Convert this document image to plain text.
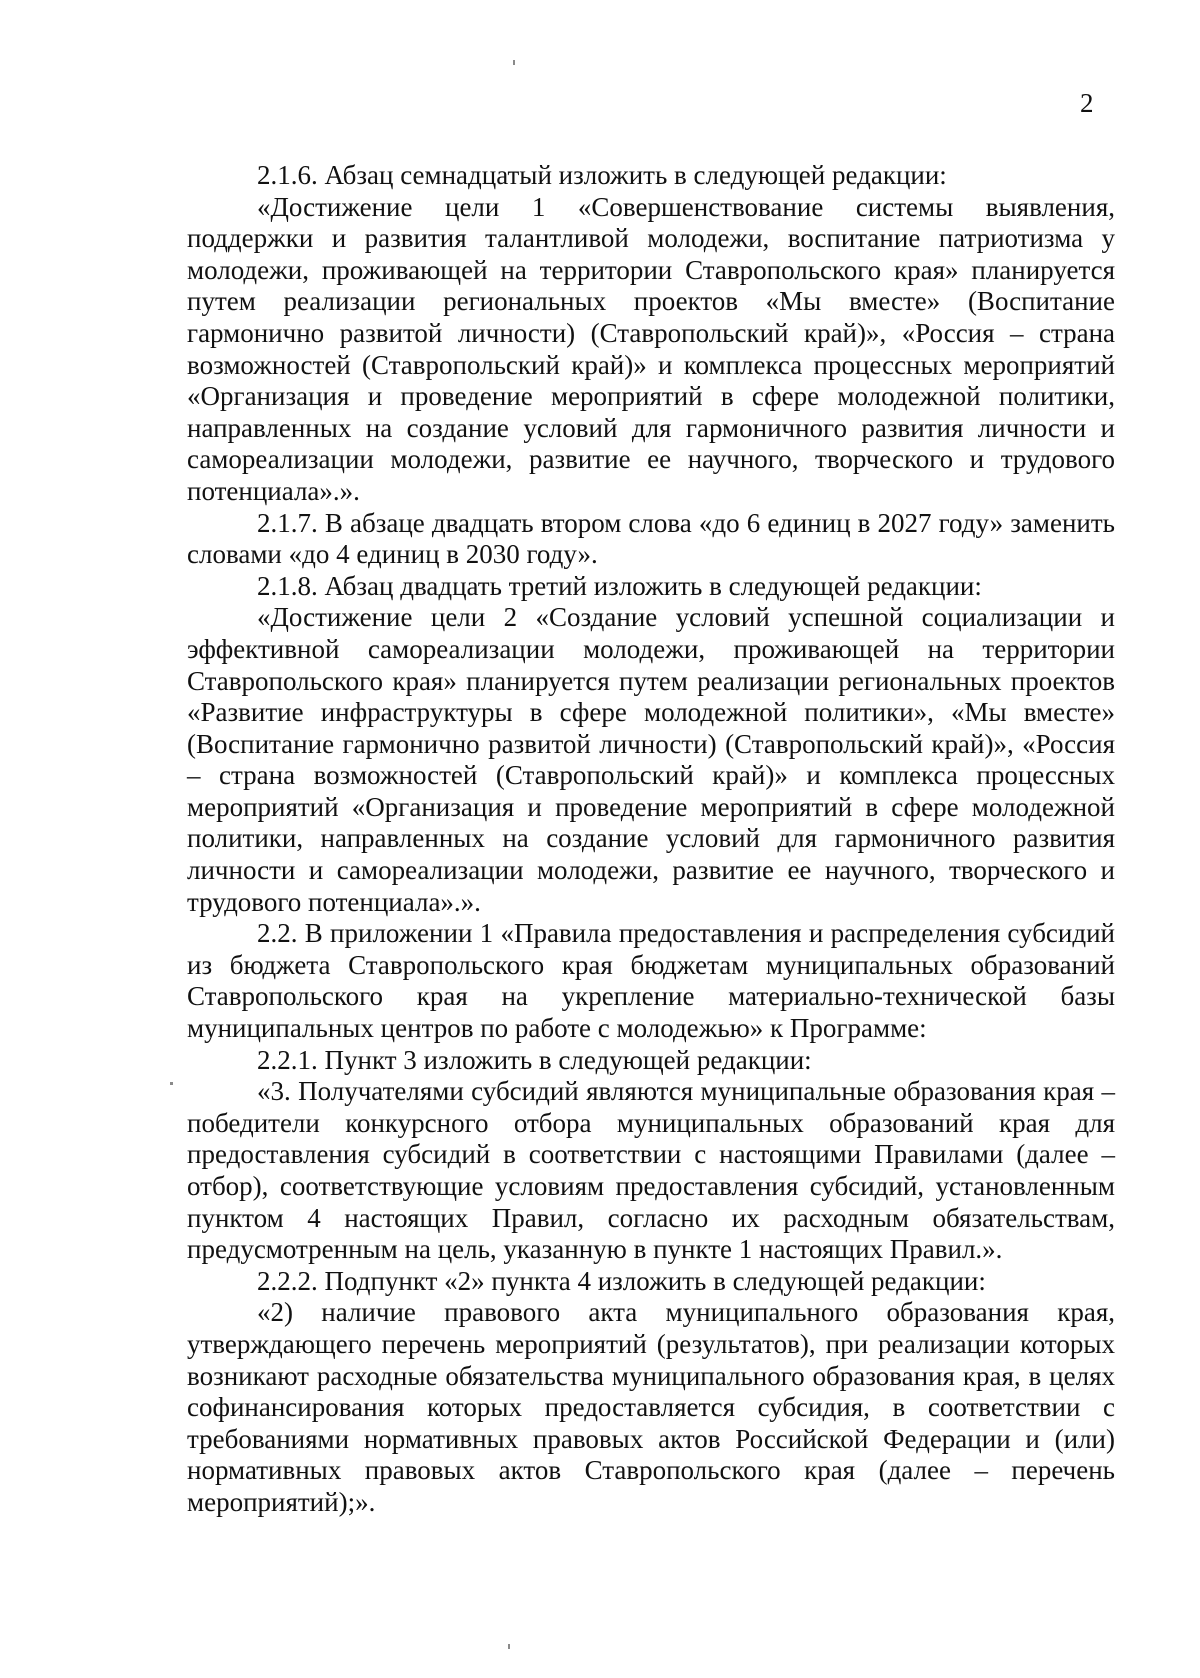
2

2.1.6. Абзац семнадцатый изложить в следующей редакции:

«Достижение цели 1 «Совершенствование системы выявления, поддержки и развития талантливой молодежи, воспитание патриотизма у молодежи, проживающей на территории Ставропольского края» планируется путем реализации региональных проектов «Мы вместе» (Воспитание гармонично развитой личности) (Ставропольский край)», «Россия – страна возможностей (Ставропольский край)» и комплекса процессных мероприятий «Организация и проведение мероприятий в сфере молодежной политики, направленных на создание условий для гармоничного развития личности и самореализации молодежи, развитие ее научного, творческого и трудового потенциала».».

2.1.7. В абзаце двадцать втором слова «до 6 единиц в 2027 году» заменить словами «до 4 единиц в 2030 году».

2.1.8. Абзац двадцать третий изложить в следующей редакции:

«Достижение цели 2 «Создание условий успешной социализации и эффективной самореализации молодежи, проживающей на территории Ставропольского края» планируется путем реализации региональных проектов «Развитие инфраструктуры в сфере молодежной политики», «Мы вместе» (Воспитание гармонично развитой личности) (Ставропольский край)», «Россия – страна возможностей (Ставропольский край)» и комплекса процессных мероприятий «Организация и проведение мероприятий в сфере молодежной политики, направленных на создание условий для гармоничного развития личности и самореализации молодежи, развитие ее научного, творческого и трудового потенциала».».

2.2. В приложении 1 «Правила предоставления и распределения субсидий из бюджета Ставропольского края бюджетам муниципальных образований Ставропольского края на укрепление материально-технической базы муниципальных центров по работе с молодежью» к Программе:

2.2.1. Пункт 3 изложить в следующей редакции:

«3. Получателями субсидий являются муниципальные образования края – победители конкурсного отбора муниципальных образований края для предоставления субсидий в соответствии с настоящими Правилами (далее – отбор), соответствующие условиям предоставления субсидий, установленным пунктом 4 настоящих Правил, согласно их расходным обязательствам, предусмотренным на цель, указанную в пункте 1 настоящих Правил.».

2.2.2. Подпункт «2» пункта 4 изложить в следующей редакции:

«2) наличие правового акта муниципального образования края, утверждающего перечень мероприятий (результатов), при реализации которых возникают расходные обязательства муниципального образования края, в целях софинансирования которых предоставляется субсидия, в соответствии с требованиями нормативных правовых актов Российской Федерации и (или) нормативных правовых актов Ставропольского края (далее – перечень мероприятий);».
